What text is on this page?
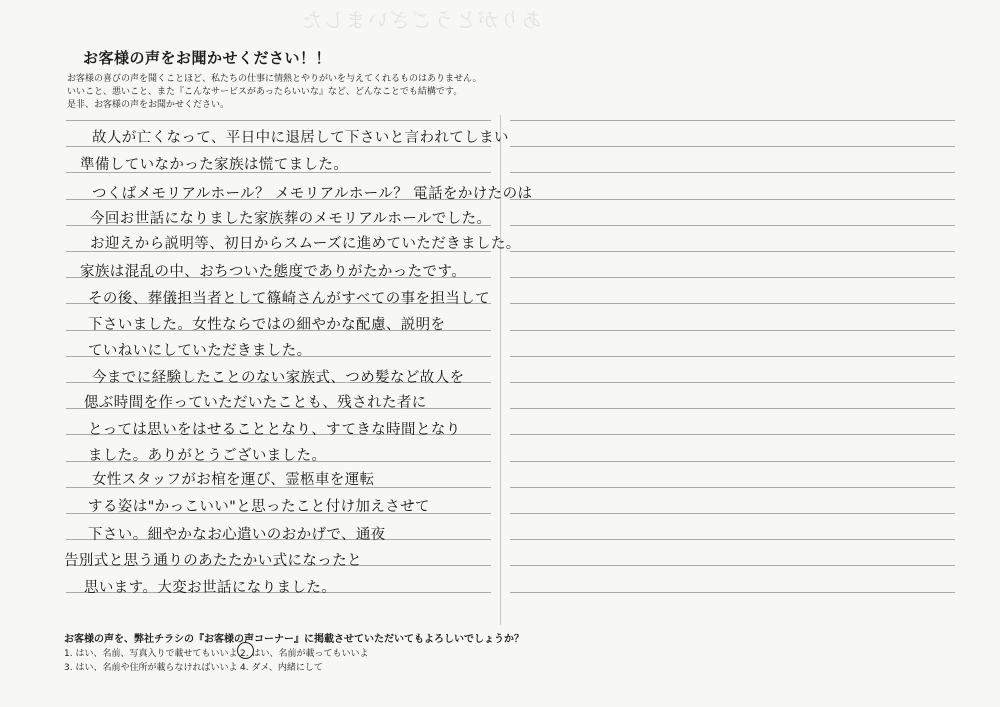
ありがとうございました
お客様の声をお聞かせください！！
お客様の喜びの声を聞くことほど、私たちの仕事に情熱とやりがいを与えてくれるものはありません。
いいこと、悪いこと、また『こんなサービスがあったらいいな』など、どんなことでも結構です。
是非、お客様の声をお聞かせください。
故人が亡くなって、平日中に退居して下さいと言われてしまい
準備していなかった家族は慌てました。
つくばメモリアルホール？ メモリアルホール？ 電話をかけたのは
今回お世話になりました家族葬のメモリアルホールでした。
お迎えから説明等、初日からスムーズに進めていただきました。
家族は混乱の中、おちついた態度でありがたかったです。
その後、葬儀担当者として篠崎さんがすべての事を担当して
下さいました。女性ならではの細やかな配慮、説明を
ていねいにしていただきました。
今までに経験したことのない家族式、つめ髪など故人を
偲ぶ時間を作っていただいたことも、残された者に
とっては思いをはせることとなり、すてきな時間となり
ました。ありがとうございました。
女性スタッフがお棺を運び、霊柩車を運転
する姿は"かっこいい"と思ったこと付け加えさせて
下さい。細やかなお心遣いのおかげで、通夜
告別式と思う通りのあたたかい式になったと
思います。大変お世話になりました。
お客様の声を、弊社チラシの『お客様の声コーナー』に掲載させていただいてもよろしいでしょうか？
1. はい、名前、写真入りで載せてもいいよ 2. はい、名前が載ってもいいよ
3. はい、名前や住所が載らなければいいよ 4. ダメ、内緒にして
